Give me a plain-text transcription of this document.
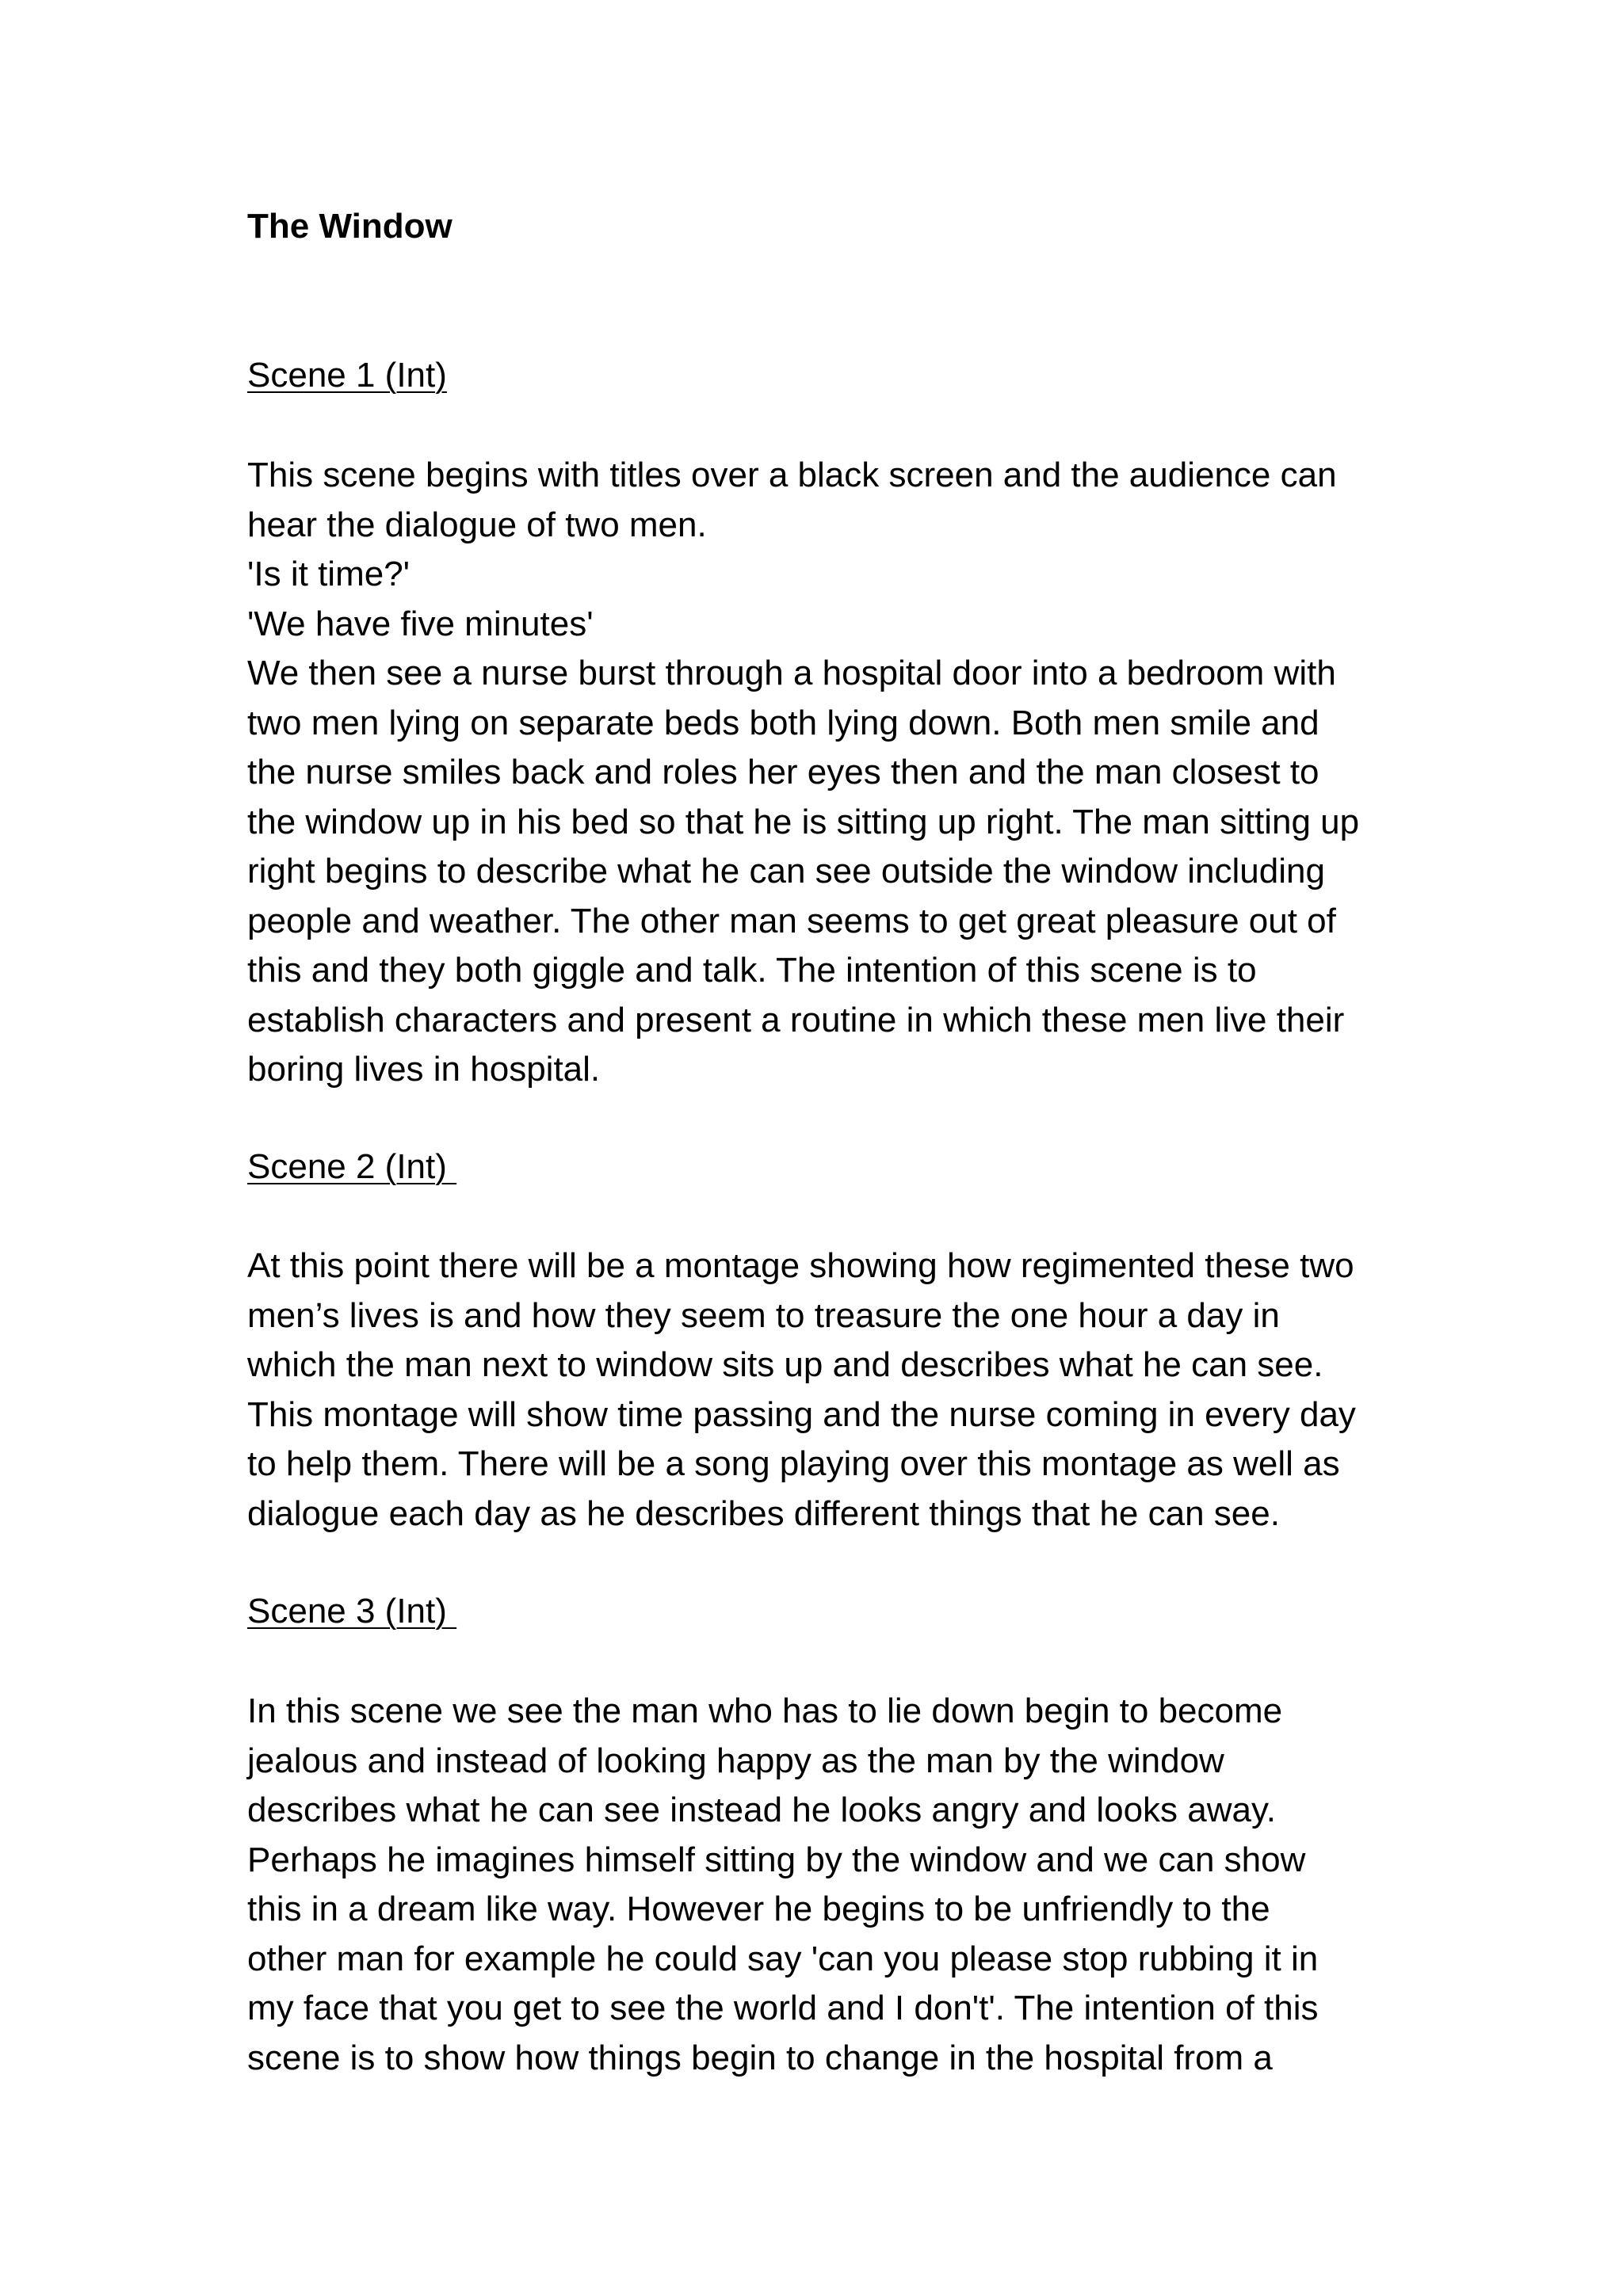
The Window
Scene 1 (Int)
This scene begins with titles over a black screen and the audience can
hear the dialogue of two men.
'Is it time?'
'We have five minutes'
We then see a nurse burst through a hospital door into a bedroom with
two men lying on separate beds both lying down. Both men smile and
the nurse smiles back and roles her eyes then and the man closest to
the window up in his bed so that he is sitting up right. The man sitting up
right begins to describe what he can see outside the window including
people and weather. The other man seems to get great pleasure out of
this and they both giggle and talk. The intention of this scene is to
establish characters and present a routine in which these men live their
boring lives in hospital.
Scene 2 (Int)
At this point there will be a montage showing how regimented these two
men’s lives is and how they seem to treasure the one hour a day in
which the man next to window sits up and describes what he can see.
This montage will show time passing and the nurse coming in every day
to help them. There will be a song playing over this montage as well as
dialogue each day as he describes different things that he can see.
Scene 3 (Int)
In this scene we see the man who has to lie down begin to become
jealous and instead of looking happy as the man by the window
describes what he can see instead he looks angry and looks away.
Perhaps he imagines himself sitting by the window and we can show
this in a dream like way. However he begins to be unfriendly to the
other man for example he could say 'can you please stop rubbing it in
my face that you get to see the world and I don't'. The intention of this
scene is to show how things begin to change in the hospital from a
